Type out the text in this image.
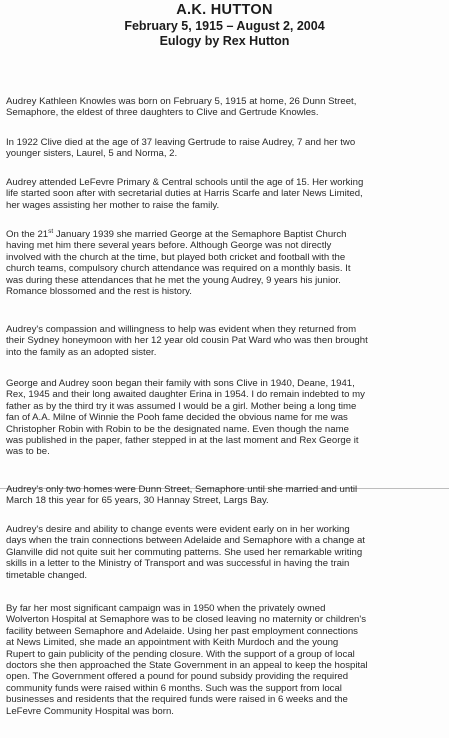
A.K. HUTTON
February 5, 1915 – August 2, 2004
Eulogy by Rex Hutton
Audrey Kathleen Knowles was born on February 5, 1915 at home, 26 Dunn Street,
Semaphore, the eldest of three daughters to Clive and Gertrude Knowles.
In 1922 Clive died at the age of 37 leaving Gertrude to raise Audrey, 7 and her two
younger sisters, Laurel, 5 and Norma, 2.
Audrey attended LeFevre Primary & Central schools until the age of 15. Her working
life started soon after with secretarial duties at Harris Scarfe and later News Limited,
her wages assisting her mother to raise the family.
On the 21st January 1939 she married George at the Semaphore Baptist Church
having met him there several years before. Although George was not directly
involved with the church at the time, but played both cricket and football with the
church teams, compulsory church attendance was required on a monthly basis. It
was during these attendances that he met the young Audrey, 9 years his junior.
Romance blossomed and the rest is history.
Audrey's compassion and willingness to help was evident when they returned from
their Sydney honeymoon with her 12 year old cousin Pat Ward who was then brought
into the family as an adopted sister.
George and Audrey soon began their family with sons Clive in 1940, Deane, 1941,
Rex, 1945 and their long awaited daughter Erina in 1954. I do remain indebted to my
father as by the third try it was assumed I would be a girl. Mother being a long time
fan of A.A. Milne of Winnie the Pooh fame decided the obvious name for me was
Christopher Robin with Robin to be the designated name. Even though the name
was published in the paper, father stepped in at the last moment and Rex George it
was to be.
Audrey's only two homes were Dunn Street, Semaphore until she married and until
March 18 this year for 65 years, 30 Hannay Street, Largs Bay.
Audrey's desire and ability to change events were evident early on in her working
days when the train connections between Adelaide and Semaphore with a change at
Glanville did not quite suit her commuting patterns. She used her remarkable writing
skills in a letter to the Ministry of Transport and was successful in having the train
timetable changed.
By far her most significant campaign was in 1950 when the privately owned
Wolverton Hospital at Semaphore was to be closed leaving no maternity or children's
facility between Semaphore and Adelaide. Using her past employment connections
at News Limited, she made an appointment with Keith Murdoch and the young
Rupert to gain publicity of the pending closure. With the support of a group of local
doctors she then approached the State Government in an appeal to keep the hospital
open. The Government offered a pound for pound subsidy providing the required
community funds were raised within 6 months. Such was the support from local
businesses and residents that the required funds were raised in 6 weeks and the
LeFevre Community Hospital was born.
